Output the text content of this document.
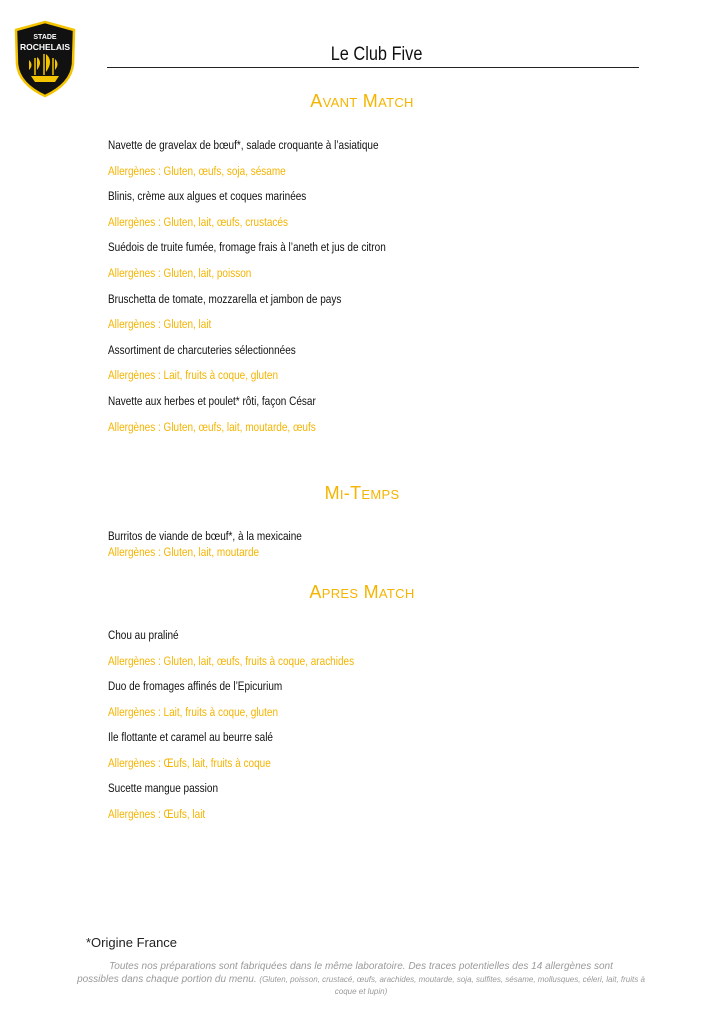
STADE
ROCHELAIS	Le Club Five
Avant Match
Navette de gravelax de bœuf*, salade croquante à l’asiatique
Allergènes : Gluten, œufs, soja, sésame
Blinis, crème aux algues et coques marinées
Allergènes : Gluten, lait, œufs, crustacés
Suédois de truite fumée, fromage frais à l’aneth et jus de citron
Allergènes : Gluten, lait, poisson
Bruschetta de tomate, mozzarella et jambon de pays
Allergènes : Gluten, lait
Assortiment de charcuteries sélectionnées
Allergènes : Lait, fruits à coque, gluten
Navette aux herbes et poulet* rôti, façon César
Allergènes : Gluten, œufs, lait, moutarde, œufs
Mi-Temps
Burritos de viande de bœuf*, à la mexicaine
Allergènes : Gluten, lait, moutarde
Apres Match
Chou au praliné
Allergènes : Gluten, lait, œufs, fruits à coque, arachides
Duo de fromages affinés de l’Epicurium
Allergènes : Lait, fruits à coque, gluten
Ile flottante et caramel au beurre salé
Allergènes : Œufs, lait, fruits à coque
Sucette mangue passion
Allergènes : Œufs, lait
*Origine France
Toutes nos préparations sont fabriquées dans le même laboratoire. Des traces potentielles des 14 allergènes sont
possibles dans chaque portion du menu. (Gluten, poisson, crustacé, œufs, arachides, moutarde, soja, sulfites, sésame, mollusques, céleri, lait, fruits à coque et lupin)
